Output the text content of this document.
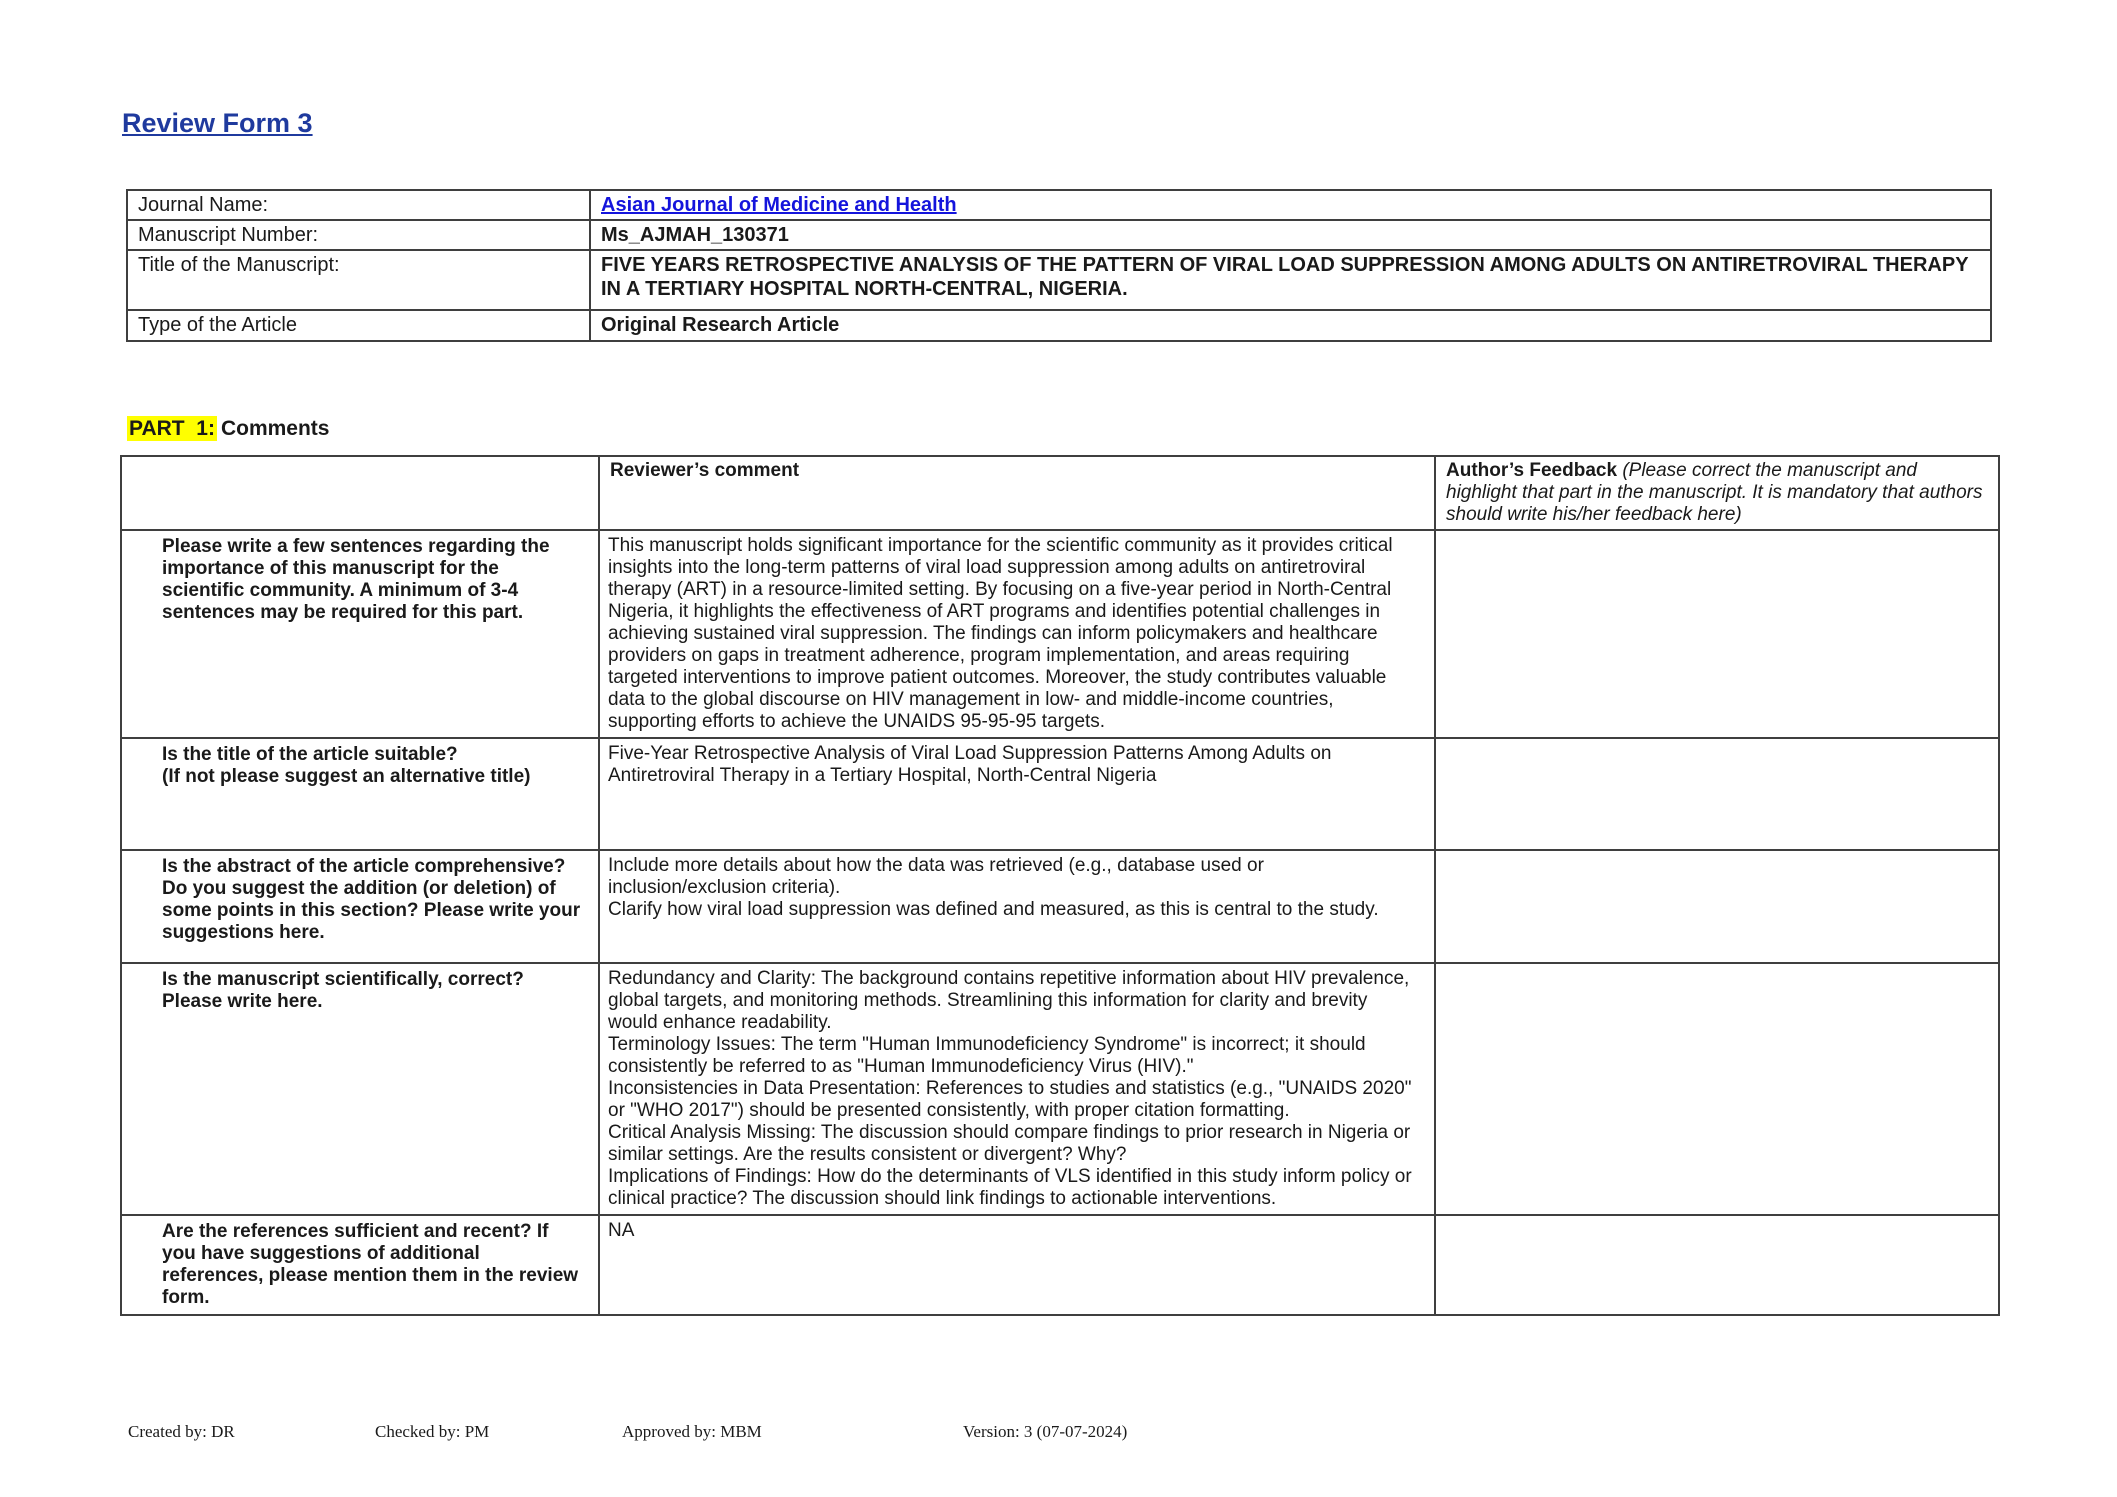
Review Form 3
Journal Name:	Asian Journal of Medicine and Health
Manuscript Number:	Ms_AJMAH_130371
Title of the Manuscript:	FIVE YEARS RETROSPECTIVE ANALYSIS OF THE PATTERN OF VIRAL LOAD SUPPRESSION AMONG ADULTS ON ANTIRETROVIRAL THERAPY IN A TERTIARY HOSPITAL NORTH-CENTRAL, NIGERIA.
Type of the Article	Original Research Article
PART  1: Comments
	Reviewer’s comment	Author’s Feedback (Please correct the manuscript and highlight that part in the manuscript. It is mandatory that authors should write his/her feedback here)

Please write a few sentences regarding the importance of this manuscript for the scientific community. A minimum of 3-4 sentences may be required for this part.	This manuscript holds significant importance for the scientific community as it provides critical insights into the long-term patterns of viral load suppression among adults on antiretroviral therapy (ART) in a resource-limited setting. By focusing on a five-year period in North-Central Nigeria, it highlights the effectiveness of ART programs and identifies potential challenges in achieving sustained viral suppression. The findings can inform policymakers and healthcare providers on gaps in treatment adherence, program implementation, and areas requiring targeted interventions to improve patient outcomes. Moreover, the study contributes valuable data to the global discourse on HIV management in low- and middle-income countries, supporting efforts to achieve the UNAIDS 95-95-95 targets.	

Is the title of the article suitable?

(If not please suggest an alternative title)	Five-Year Retrospective Analysis of Viral Load Suppression Patterns Among Adults on Antiretroviral Therapy in a Tertiary Hospital, North-Central Nigeria	

Is the abstract of the article comprehensive? Do you suggest the addition (or deletion) of some points in this section? Please write your suggestions here.	Include more details about how the data was retrieved (e.g., database used or inclusion/exclusion criteria).

Clarify how viral load suppression was defined and measured, as this is central to the study.	

Is the manuscript scientifically, correct? Please write here.	Redundancy and Clarity: The background contains repetitive information about HIV prevalence, global targets, and monitoring methods. Streamlining this information for clarity and brevity would enhance readability.

Terminology Issues: The term "Human Immunodeficiency Syndrome" is incorrect; it should consistently be referred to as "Human Immunodeficiency Virus (HIV)."

Inconsistencies in Data Presentation: References to studies and statistics (e.g., "UNAIDS 2020" or "WHO 2017") should be presented consistently, with proper citation formatting.

Critical Analysis Missing: The discussion should compare findings to prior research in Nigeria or similar settings. Are the results consistent or divergent? Why?

Implications of Findings: How do the determinants of VLS identified in this study inform policy or clinical practice? The discussion should link findings to actionable interventions.	

Are the references sufficient and recent? If you have suggestions of additional references, please mention them in the review form.	NA	

Created by: DR	Checked by: PM	Approved by: MBM	Version: 3 (07-07-2024)
